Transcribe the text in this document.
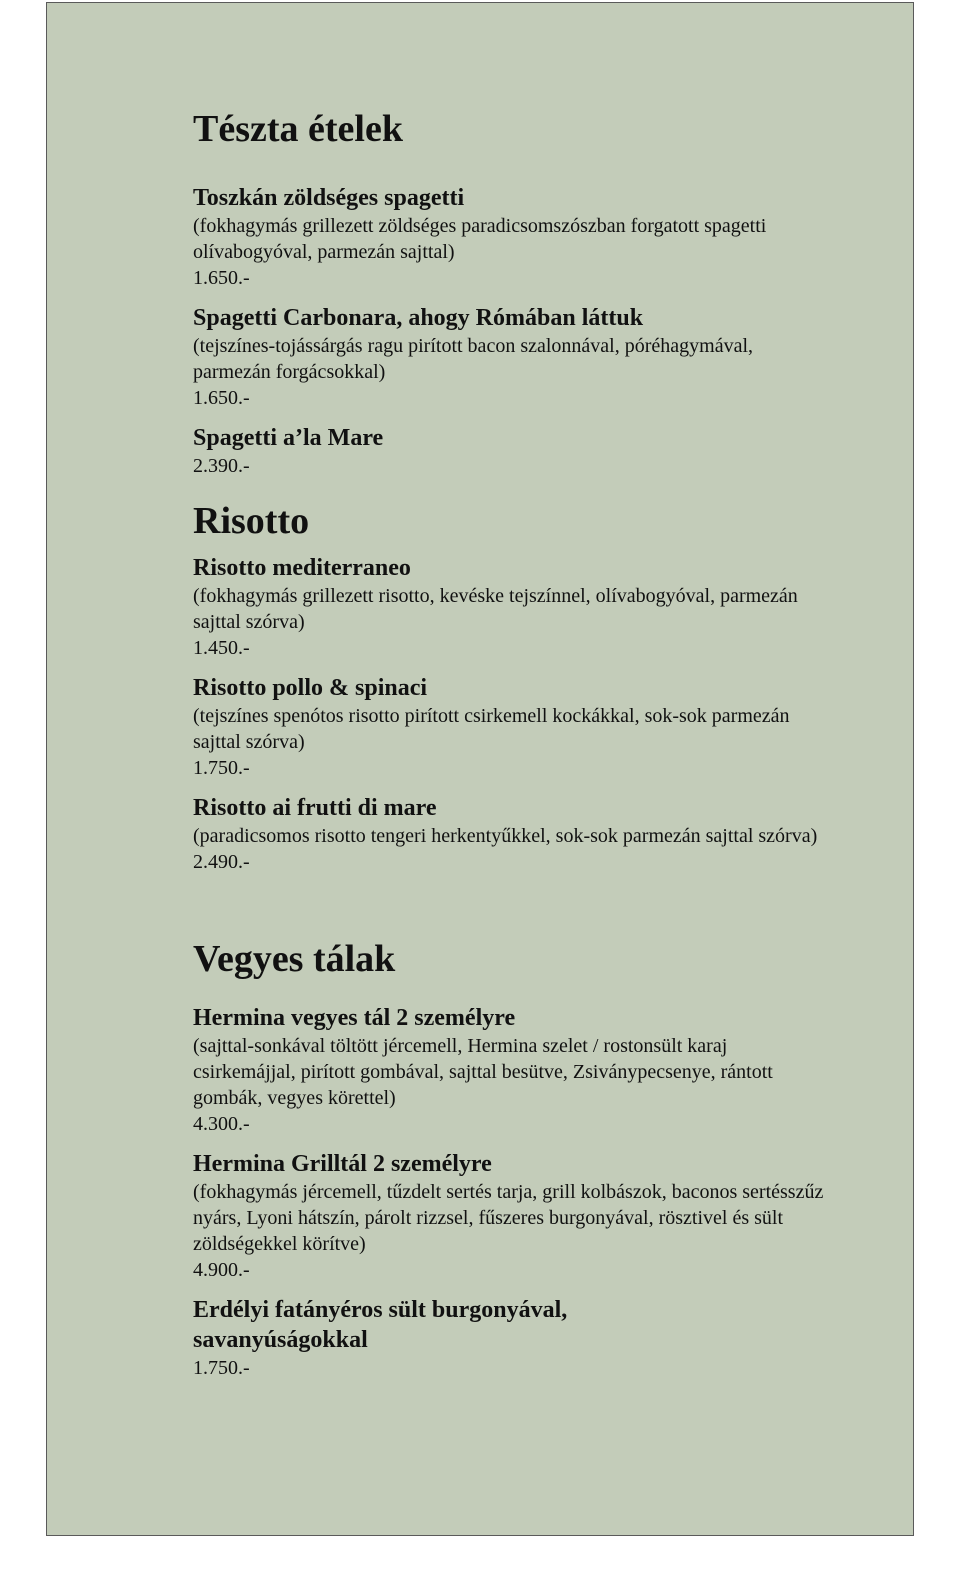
Tészta ételek

Toszkán zöldséges spagetti

(fokhagymás grillezett zöldséges paradicsomszószban forgatott spagetti olívabogyóval, parmezán sajttal)

1.650.-

Spagetti Carbonara, ahogy Rómában láttuk

(tejszínes-tojássárgás ragu pirított bacon szalonnával, póréhagymával, parmezán forgácsokkal)

1.650.-

Spagetti a’la Mare

2.390.-

Risotto

Risotto mediterraneo

(fokhagymás grillezett risotto, kevéske tejszínnel, olívabogyóval, parmezán sajttal szórva)

1.450.-

Risotto pollo & spinaci

(tejszínes spenótos risotto pirított csirkemell kockákkal, sok-sok parmezán sajttal szórva)

1.750.-

Risotto ai frutti di mare

(paradicsomos risotto tengeri herkentyűkkel, sok-sok parmezán sajttal szórva)

2.490.-

Vegyes tálak

Hermina vegyes tál 2 személyre

(sajttal-sonkával töltött jércemell, Hermina szelet / rostonsült karaj csirkemájjal, pirított gombával, sajttal besütve, Zsiványpecsenye, rántott gombák, vegyes körettel)

4.300.-

Hermina Grilltál 2 személyre

(fokhagymás jércemell, tűzdelt sertés tarja, grill kolbászok, baconos sertésszűz nyárs, Lyoni hátszín, párolt rizzsel, fűszeres burgonyával, rösztivel és sült zöldségekkel körítve)

4.900.-

Erdélyi fatányéros sült burgonyával, savanyúságokkal

1.750.-
